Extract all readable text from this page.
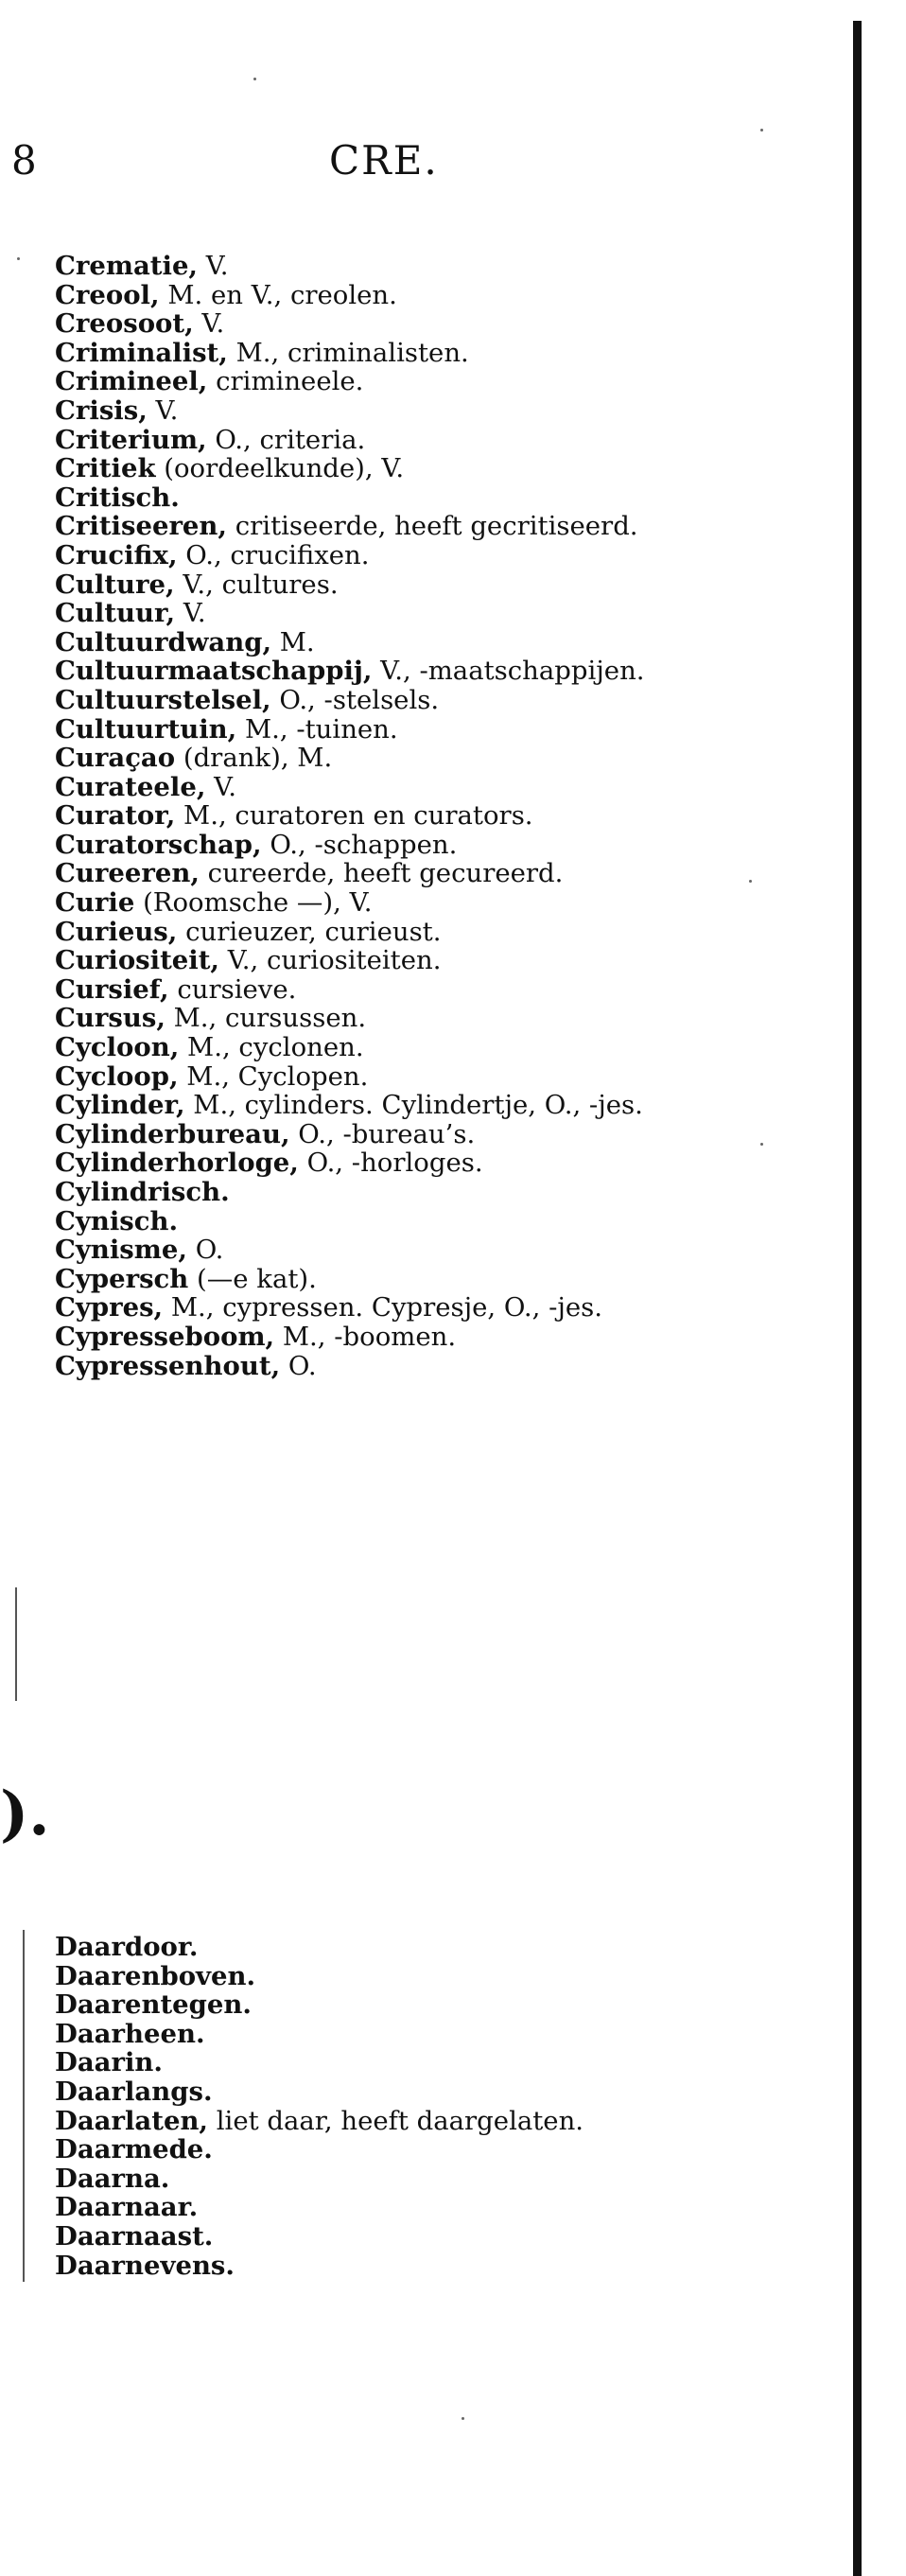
8	CRE.
Crematie, V.
Creool, M. en V., creolen.
Creosoot, V.
Criminalist, M., criminalisten.
Crimineel, crimineele.
Crisis, V.
Criterium, O., criteria.
Critiek (oordeelkunde), V.
Critisch.
Critiseeren, critiseerde, heeft gecritiseerd.
Crucifix, O., crucifixen.
Culture, V., cultures.
Cultuur, V.
Cultuurdwang, M.
Cultuurmaatschappij, V., -maatschappijen.
Cultuurstelsel, O., -stelsels.
Cultuurtuin, M., -tuinen.
Curaçao (drank), M.
Curateele, V.
Curator, M., curatoren en curators.
Curatorschap, O., -schappen.
Cureeren, cureerde, heeft gecureerd.
Curie (Roomsche —), V.
Curieus, curieuzer, curieust.
Curiositeit, V., curiositeiten.
Cursief, cursieve.
Cursus, M., cursussen.
Cycloon, M., cyclonen.
Cycloop, M., Cyclopen.
Cylinder, M., cylinders. Cylindertje, O., -jes.
Cylinderbureau, O., -bureau’s.
Cylinderhorloge, O., -horloges.
Cylindrisch.
Cynisch.
Cynisme, O.
Cypersch (—e kat).
Cypres, M., cypressen. Cypresje, O., -jes.
Cypresseboom, M., -boomen.
Cypressenhout, O.
).
Daardoor.
Daarenboven.
Daarentegen.
Daarheen.
Daarin.
Daarlangs.
Daarlaten, liet daar, heeft daargelaten.
Daarmede.
Daarna.
Daarnaar.
Daarnaast.
Daarnevens.
